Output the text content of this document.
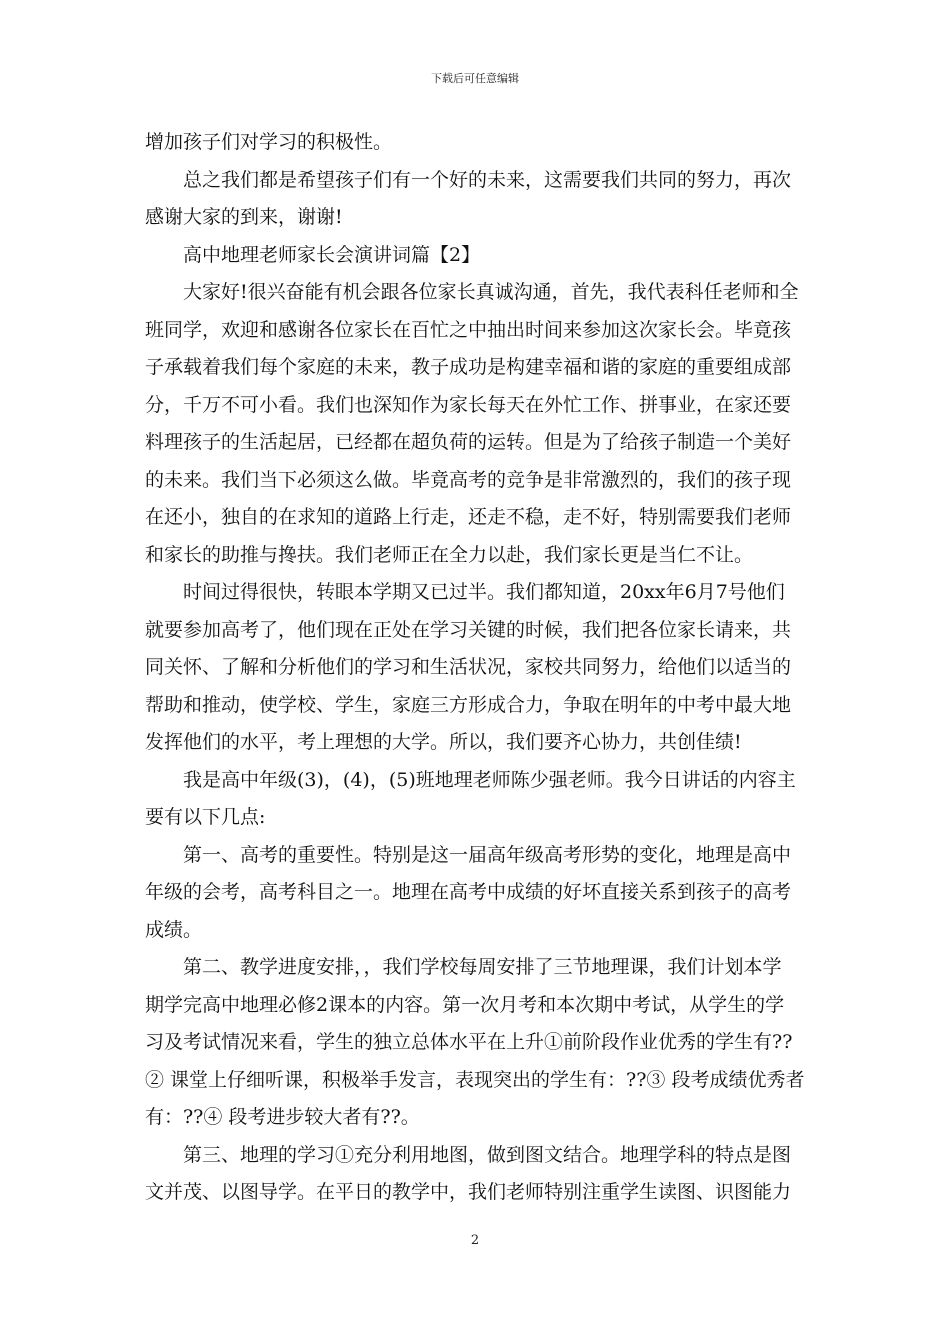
下载后可任意编辑
增加孩子们对学习的积极性。
总之我们都是希望孩子们有一个好的未来，这需要我们共同的努力，再次
感谢大家的到来，谢谢!
高中地理老师家长会演讲词篇【2】
大家好!很兴奋能有机会跟各位家长真诚沟通，首先，我代表科任老师和全
班同学，欢迎和感谢各位家长在百忙之中抽出时间来参加这次家长会。毕竟孩
子承载着我们每个家庭的未来，教子成功是构建幸福和谐的家庭的重要组成部
分，千万不可小看。我们也深知作为家长每天在外忙工作、拼事业，在家还要
料理孩子的生活起居，已经都在超负荷的运转。但是为了给孩子制造一个美好
的未来。我们当下必须这么做。毕竟高考的竞争是非常激烈的，我们的孩子现
在还小，独自的在求知的道路上行走，还走不稳，走不好，特别需要我们老师
和家长的助推与搀扶。我们老师正在全力以赴，我们家长更是当仁不让。
时间过得很快，转眼本学期又已过半。我们都知道，20xx年6月7号他们
就要参加高考了，他们现在正处在学习关键的时候，我们把各位家长请来，共
同关怀、了解和分析他们的学习和生活状况，家校共同努力，给他们以适当的
帮助和推动，使学校、学生，家庭三方形成合力，争取在明年的中考中最大地
发挥他们的水平，考上理想的大学。所以，我们要齐心协力，共创佳绩!
我是高中年级(3)，(4)，(5)班地理老师陈少强老师。我今日讲话的内容主
要有以下几点:
第一、高考的重要性。特别是这一届高年级高考形势的变化，地理是高中
年级的会考，高考科目之一。地理在高考中成绩的好坏直接关系到孩子的高考
成绩。
第二、教学进度安排，，我们学校每周安排了三节地理课，我们计划本学
期学完高中地理必修2课本的内容。第一次月考和本次期中考试，从学生的学
习及考试情况来看，学生的独立总体水平在上升①前阶段作业优秀的学生有??
② 课堂上仔细听课，积极举手发言，表现突出的学生有：??③ 段考成绩优秀者
有：??④ 段考进步较大者有??。
第三、地理的学习①充分利用地图，做到图文结合。地理学科的特点是图
文并茂、以图导学。在平日的教学中，我们老师特别注重学生读图、识图能力
2
